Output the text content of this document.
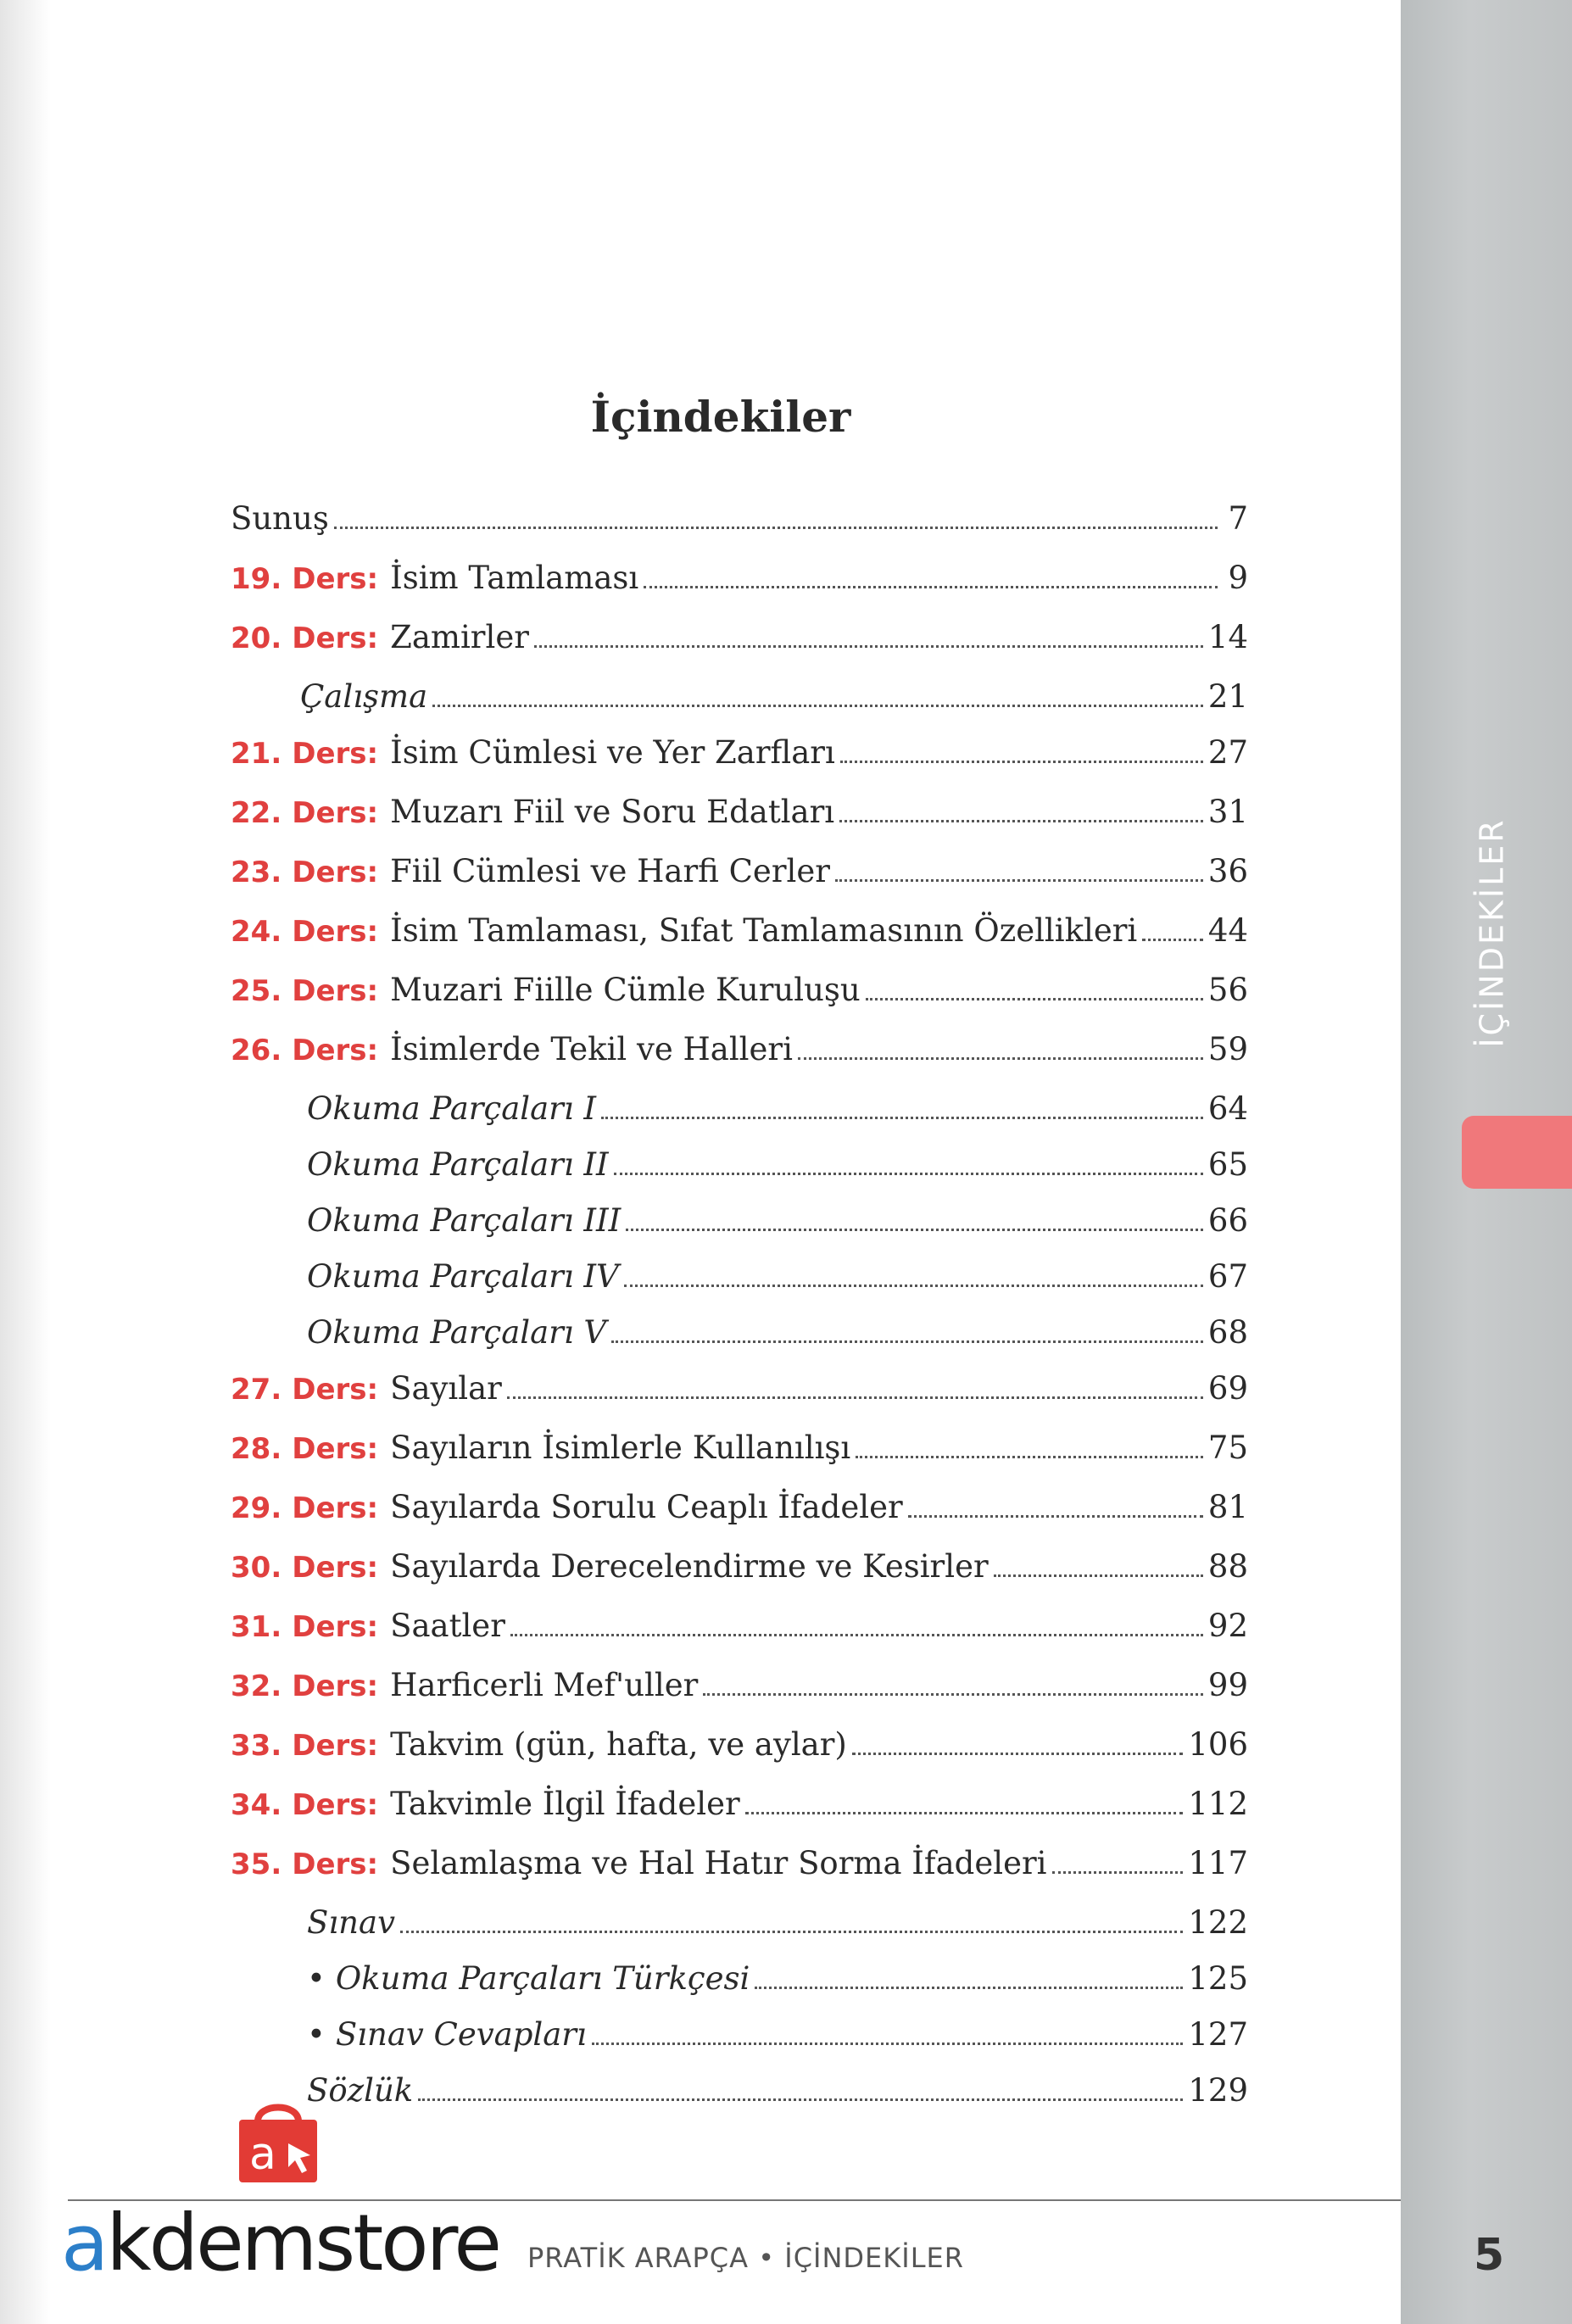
İÇİNDEKİLER
İçindekiler
Sunuş	7
19. Ders: İsim Tamlaması	9
20. Ders: Zamirler	14
Çalışma	21
21. Ders: İsim Cümlesi ve Yer Zarfları	27
22. Ders: Muzarı Fiil ve Soru Edatları	31
23. Ders: Fiil Cümlesi ve Harfi Cerler	36
24. Ders: İsim Tamlaması, Sıfat Tamlamasının Özellikleri 44
25. Ders: Muzari Fiille Cümle Kuruluşu	56
26. Ders: İsimlerde Tekil ve Halleri	59
Okuma Parçaları I	64
Okuma Parçaları II	65
Okuma Parçaları III	66
Okuma Parçaları IV	67
Okuma Parçaları V	68
27. Ders: Sayılar	69
28. Ders: Sayıların İsimlerle Kullanılışı	75
29. Ders: Sayılarda Sorulu Ceaplı İfadeler	81
30. Ders: Sayılarda Derecelendirme ve Kesirler	88
31. Ders: Saatler	92
32. Ders: Harficerli Mef'uller	99
33. Ders: Takvim (gün, hafta, ve aylar)	106
34. Ders: Takvimle İlgil İfadeler	112
35. Ders: Selamlaşma ve Hal Hatır Sorma İfadeleri	117
Sınav	122
• Okuma Parçaları Türkçesi	125
• Sınav Cevapları	127
Sözlük	129
a
akdemstore PRATİK ARAPÇA • İÇİNDEKİLER	5
